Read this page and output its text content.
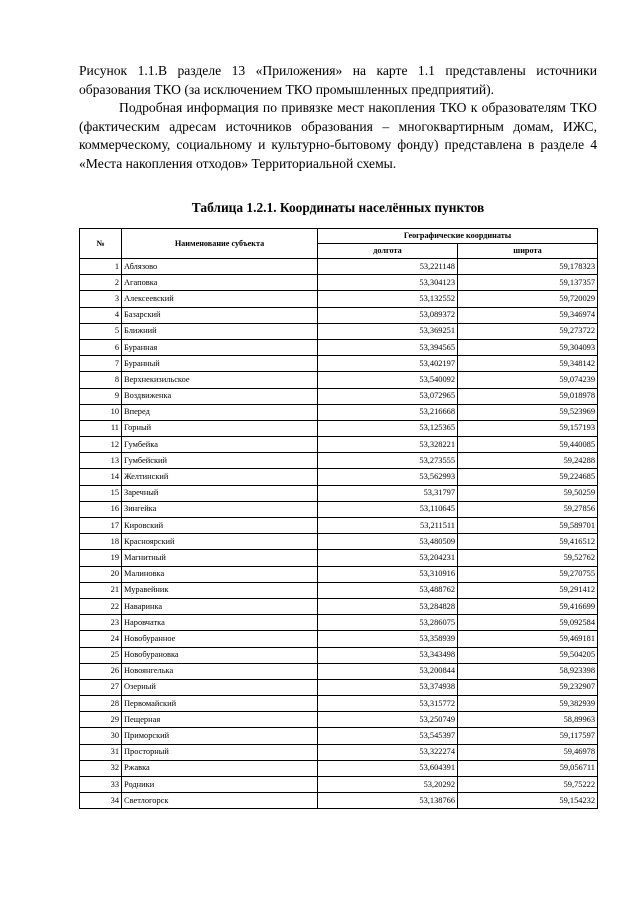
Рисунок 1.1.В разделе 13 «Приложения» на карте 1.1 представлены источники образования ТКО (за исключением ТКО промышленных предприятий).

Подробная информация по привязке мест накопления ТКО к образователям ТКО (фактическим адресам источников образования – многоквартирным домам, ИЖС, коммерческому, социальному и культурно-бытовому фонду) представлена в разделе 4 «Места накопления отходов» Территориальной схемы.

Таблица 1.2.1. Координаты населённых пунктов
№	Наименование субъекта	Географические координаты	
		долгота	широта
1	Аблязово	53,221148	59,178323
2	Агаповка	53,304123	59,137357
3	Алексеевский	53,132552	59,720029
4	Базарский	53,089372	59,346974
5	Ближний	53,369251	59,273722
6	Буранная	53,394565	59,304093
7	Буранный	53,402197	59,348142
8	Верхнекизильское	53,540092	59,074239
9	Воздвиженка	53,072965	59,018978
10	Вперед	53,216668	59,523969
11	Горный	53,125365	59,157193
12	Гумбейка	53,328221	59,440085
13	Гумбейский	53,273555	59,24288
14	Желтинский	53,562993	59,224685
15	Заречный	53,31797	59,50259
16	Зингейка	53,110645	59,27856
17	Кировский	53,211511	59,589701
18	Красноярский	53,480509	59,416512
19	Магнитный	53,204231	59,52762
20	Малиновка	53,310916	59,270755
21	Муравейник	53,488762	59,291412
22	Наваринка	53,284828	59,416699
23	Наровчатка	53,286075	59,092584
24	Новобуранное	53,358939	59,469181
25	Новобурановка	53,343498	59,504205
26	Новоянгелька	53,200844	58,923398
27	Озерный	53,374938	59,232907
28	Первомайский	53,315772	59,382939
29	Пещерная	53,250749	58,89963
30	Приморский	53,545397	59,117597
31	Просторный	53,322274	59,46978
32	Ржавка	53,604391	59,056711
33	Родники	53,20292	59,75222
34	Светлогорск	53,138766	59,154232
